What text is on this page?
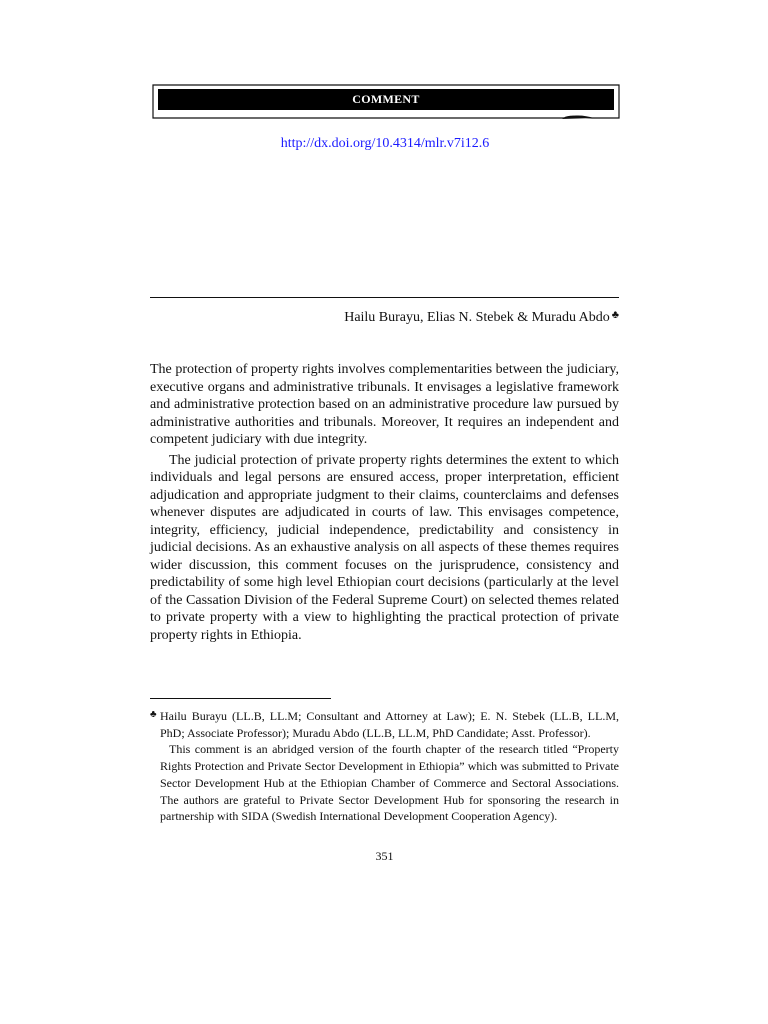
COMMENT
http://dx.doi.org/10.4314/mlr.v7i12.6
Hailu Burayu, Elias N. Stebek & Muradu Abdo ♣

The protection of property rights involves complementarities between the judiciary, executive organs and administrative tribunals. It envisages a legislative framework and administrative protection based on an administrative procedure law pursued by administrative authorities and tribunals. Moreover, It requires an independent and competent judiciary with due integrity.

The judicial protection of private property rights determines the extent to which individuals and legal persons are ensured access, proper interpretation, efficient adjudication and appropriate judgment to their claims, counterclaims and defenses whenever disputes are adjudicated in courts of law. This envisages competence, integrity, efficiency, judicial independence, predictability and consistency in judicial decisions. As an exhaustive analysis on all aspects of these themes requires wider discussion, this comment focuses on the jurisprudence, consistency and predictability of some high level Ethiopian court decisions (particularly at the level of the Cassation Division of the Federal Supreme Court) on selected themes related to private property with a view to highlighting the practical protection of private property rights in Ethiopia.

♣ Hailu Burayu (LL.B, LL.M; Consultant and Attorney at Law); E. N. Stebek (LL.B, LL.M, PhD; Associate Professor); Muradu Abdo (LL.B, LL.M, PhD Candidate; Asst. Professor).
This comment is an abridged version of the fourth chapter of the research titled “Property Rights Protection and Private Sector Development in Ethiopia” which was submitted to Private Sector Development Hub at the Ethiopian Chamber of Commerce and Sectoral Associations. The authors are grateful to Private Sector Development Hub for sponsoring the research in partnership with SIDA (Swedish International Development Cooperation Agency).
351
